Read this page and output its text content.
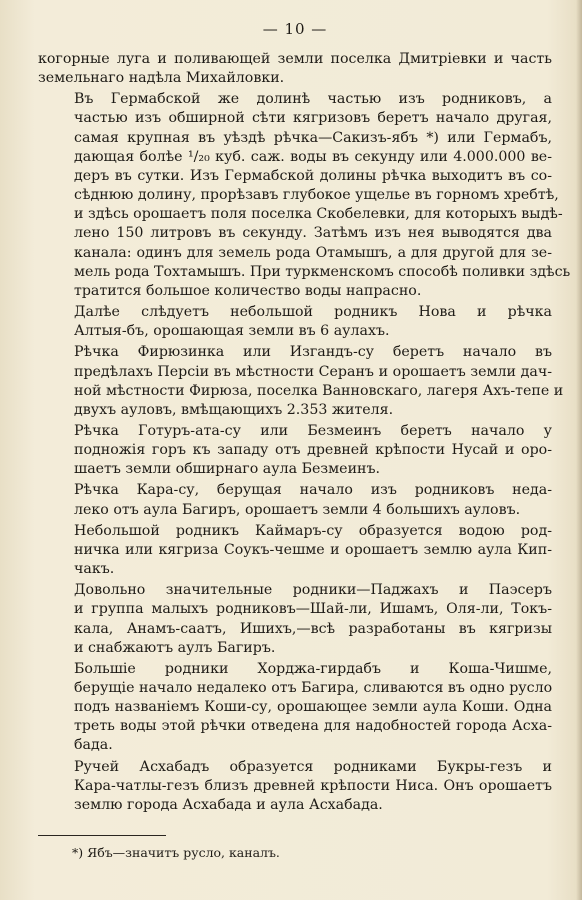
— 10 —

когорные луга и поливающей земли поселка Дмитріевки и часть
земельнаго надѣла Михайловки.

Въ Гермабской же долинѣ частью изъ родниковъ, а
частью изъ обширной сѣти кягризовъ беретъ начало другая,
самая крупная въ уѣздѣ рѣчка—Сакизъ-ябъ *) или Гермабъ,
дающая болѣе ¹/₂₀ куб. саж. воды въ секунду или 4.000.000 ве-
деръ въ сутки. Изъ Гермабской долины рѣчка выходитъ въ со-
сѣднюю долину, прорѣзавъ глубокое ущелье въ горномъ хребтѣ,
и здѣсь орошаетъ поля поселка Скобелевки, для которыхъ выдѣ-
лено 150 литровъ въ секунду. Затѣмъ изъ нея выводятся два
канала: одинъ для земель рода Отамышъ, а для другой для зе-
мель рода Тохтамышъ. При туркменскомъ способѣ поливки здѣсь
тратится большое количество воды напрасно.

Далѣе слѣдуетъ небольшой родникъ Нова и рѣчка
Алтыя-бъ, орошающая земли въ 6 аулахъ.

Рѣчка Фирюзинка или Изгандъ-су беретъ начало въ
предѣлахъ Персіи въ мѣстности Серанъ и орошаетъ земли дач-
ной мѣстности Фирюза, поселка Ванновскаго, лагеря Ахъ-тепе и
двухъ ауловъ, вмѣщающихъ 2.353 жителя.

Рѣчка Готуръ-ата-су или Безмеинъ беретъ начало у
подножія горъ къ западу отъ древней крѣпости Нусай и оро-
шаетъ земли обширнаго аула Безмеинъ.

Рѣчка Кара-су, берущая начало изъ родниковъ неда-
леко отъ аула Багиръ, орошаетъ земли 4 большихъ ауловъ.

Небольшой родникъ Каймаръ-су образуется водою род-
ничка или кягриза Соукъ-чешме и орошаетъ землю аула Кип-
чакъ.

Довольно значительные родники—Паджахъ и Паэсеръ
и группа малыхъ родниковъ—Шай-ли, Ишамъ, Оля-ли, Токъ-
кала, Анамъ-саатъ, Ишихъ,—всѣ разработаны въ кягризы
и снабжаютъ аулъ Багиръ.

Большіе родники Хорджа-гирдабъ и Коша-Чишме,
берущіе начало недалеко отъ Багира, сливаются въ одно русло
подъ названіемъ Коши-су, орошающее земли аула Коши. Одна
треть воды этой рѣчки отведена для надобностей города Асха-
бада.

Ручей Асхабадъ образуется родниками Букры-гезъ и
Кара-чатлы-гезъ близъ древней крѣпости Ниса. Онъ орошаетъ
землю города Асхабада и аула Асхабада.

*) Ябъ—значитъ русло, каналъ.
